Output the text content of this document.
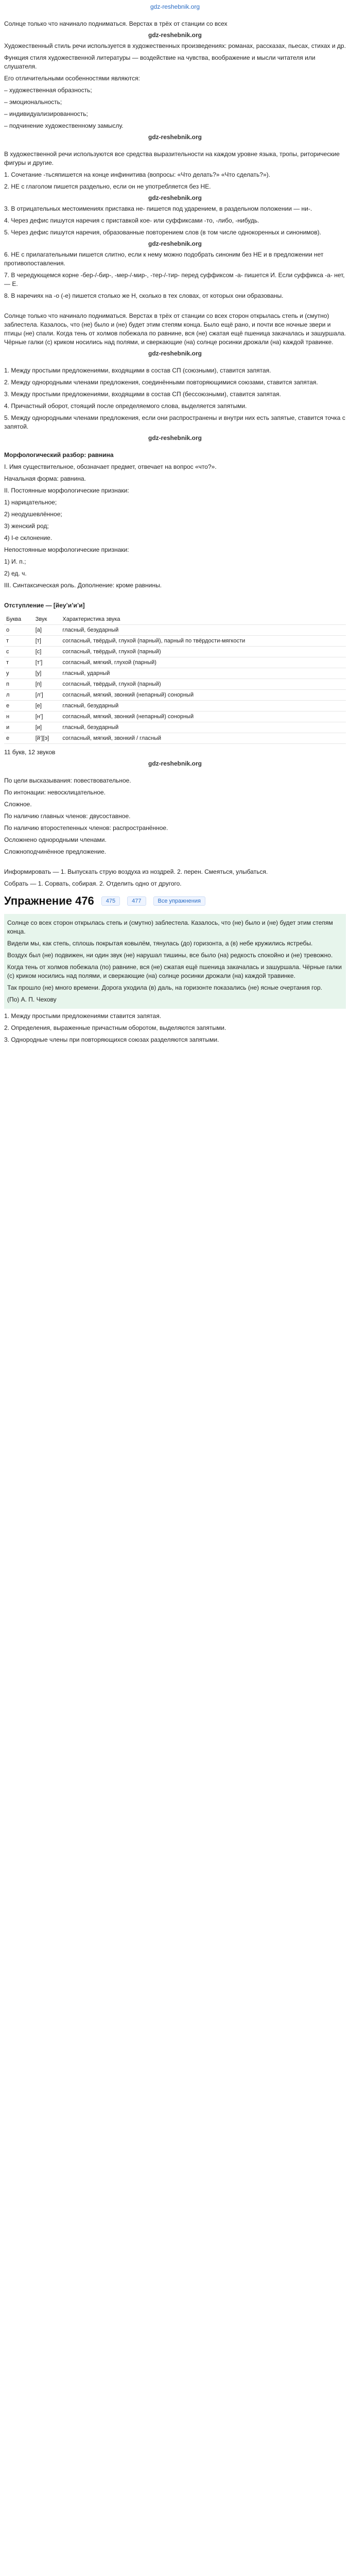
gdz-reshebnik.org
Солнце только что начинало подниматься. Верстах в трёх от станции со всех
gdz-reshebnik.org
Художественный стиль речи используется в художественных произведениях: романах, рассказах, пьесах, стихах и др.
Функция стиля художественной литературы — воздействие на чувства, воображение и мысли читателя или слушателя.
Его отличительными особенностями являются:
– художественная образность;
– эмоциональность;
– индивидуализированность;
– подчинение художественному замыслу.
gdz-reshebnik.org
В художественной речи используются все средства выразительности на каждом уровне языка, тропы, риторические фигуры и другие.
1. Сочетание -тьсяпишется на конце инфинитива (вопросы: «Что делать?» «Что сделать?»).
2. НЕ с глаголом пишется раздельно, если он не употребляется без НЕ.
gdz-reshebnik.org
3. В отрицательных местоимениях приставка не- пишется под ударением, в раздельном положении — ни-.
4. Через дефис пишутся наречия с приставкой кое- или суффиксами -то, -либо, -нибудь.
5. Через дефис пишутся наречия, образованные повторением слов (в том числе однокоренных и синонимов).
gdz-reshebnik.org
6. НЕ с прилагательными пишется слитно, если к нему можно подобрать синоним без НЕ и в предложении нет противопоставления.
7. В чередующемся корне -бер-/-бир-, -мер-/-мир-, -тер-/-тир- перед суффиксом -а- пишется И. Если суффикса -а- нет, — Е.
8. В наречиях на -о (-е) пишется столько же Н, сколько в тех словах, от которых они образованы.
Солнце только что начинало подниматься. Верстах в трёх от станции со всех сторон открылась степь и (смутно) заблестела. Казалось, что (не) было и (не) будет этим степям конца. Было ещё рано, и почти все ночные звери и птицы (не) спали. Когда тень от холмов побежала по равнине, вся (не) сжатая ещё пшеница закачалась и зашуршала. Чёрные галки (с) криком носились над полями, и сверкающие (на) солнце росинки дрожали (на) каждой травинке.
gdz-reshebnik.org
1. Между простыми предложениями, входящими в состав СП (союзными), ставится запятая.
2. Между однородными членами предложения, соединёнными повторяющимися союзами, ставится запятая.
3. Между простыми предложениями, входящими в состав СП (бессоюзными), ставится запятая.
4. Причастный оборот, стоящий после определяемого слова, выделяется запятыми.
5. Между однородными членами предложения, если они распространены и внутри них есть запятые, ставится точка с запятой.
gdz-reshebnik.org
Морфологический разбор: равнина
I. Имя существительное, обозначает предмет, отвечает на вопрос «что?».
Начальная форма: равнина.
II. Постоянные морфологические признаки:
1) нарицательное;
2) неодушевлённое;
3) женский род;
4) I-е склонение.
Непостоянные морфологические признаки:
1) И. п.;
2) ед. ч.
III. Синтаксическая роль. Дополнение: кроме равнины.
Отступление — [йеу’и’и’и]
Буква	Звук	Характеристика звука
о	[а]	гласный, безударный
т	[т]	согласный, твёрдый, глухой (парный), парный по твёрдости-мягкости
с	[с]	согласный, твёрдый, глухой (парный)
т	[т’]	согласный, мягкий, глухой (парный)
у	[у]	гласный, ударный
п	[п]	согласный, твёрдый, глухой (парный)
л	[л’]	согласный, мягкий, звонкий (непарный) сонорный
е	[е]	гласный, безударный
н	[н’]	согласный, мягкий, звонкий (непарный) сонорный
и	[и]	гласный, безударный
е	[й’][э]	согласный, мягкий, звонкий / гласный
11 букв, 12 звуков
gdz-reshebnik.org
По цели высказывания: повествовательное.
По интонации: невосклицательное.
Сложное.
По наличию главных членов: двусоставное.
По наличию второстепенных членов: распространённое.
Осложнено однородными членами.
Сложноподчинённое предложение.
Информировать — 1. Выпускать струю воздуха из ноздрей. 2. перен. Смеяться, улыбаться.
Собрать — 1. Сорвать, собирая. 2. Отделить одно от другого.
Упражнение 476	475	477	Все упражнения
Солнце со всех сторон открылась степь и (смутно) заблестела. Казалось, что (не) было и (не) будет этим степям конца.
Видели мы, как степь, сплошь покрытая ковылём, тянулась (до) горизонта, а (в) небе кружились ястребы.
Воздух был (не) подвижен, ни один звук (не) нарушал тишины, все было (на) редкость спокойно и (не) тревожно.
Когда тень от холмов побежала (по) равнине, вся (не) сжатая ещё пшеница закачалась и зашуршала. Чёрные галки (с) криком носились над полями, и сверкающие (на) солнце росинки дрожали (на) каждой травинке.
Так прошло (не) много времени. Дорога уходила (в) даль, на горизонте показались (не) ясные очертания гор.
(По) А. П. Чехову
1. Между простыми предложениями ставится запятая.
2. Определения, выраженные причастным оборотом, выделяются запятыми.
3. Однородные члены при повторяющихся союзах разделяются запятыми.
